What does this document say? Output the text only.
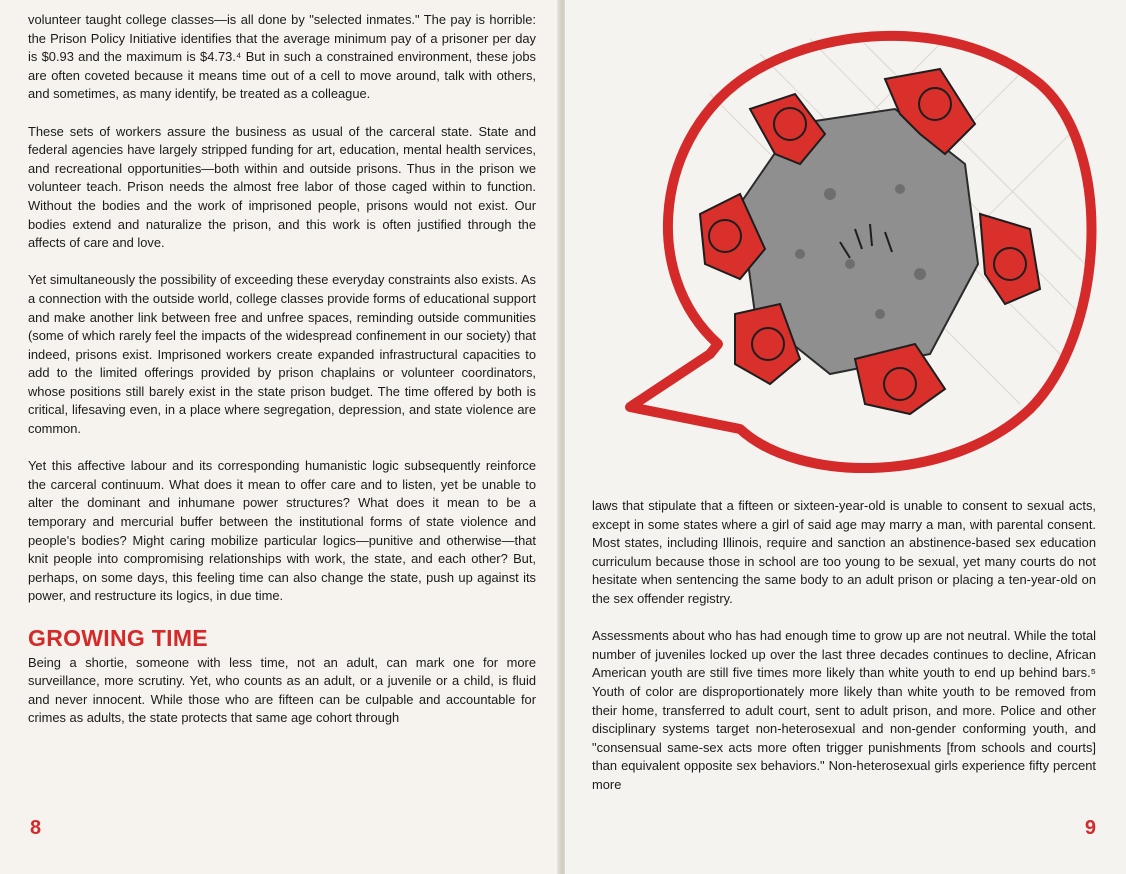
volunteer taught college classes—is all done by "selected inmates." The pay is horrible: the Prison Policy Initiative identifies that the average minimum pay of a prisoner per day is $0.93 and the maximum is $4.73.⁴ But in such a constrained environment, these jobs are often coveted because it means time out of a cell to move around, talk with others, and sometimes, as many identify, be treated as a colleague.

These sets of workers assure the business as usual of the carceral state. State and federal agencies have largely stripped funding for art, education, mental health services, and recreational opportunities—both within and outside prisons. Thus in the prison we volunteer teach. Prison needs the almost free labor of those caged within to function. Without the bodies and the work of imprisoned people, prisons would not exist. Our bodies extend and naturalize the prison, and this work is often justified through the affects of care and love.

Yet simultaneously the possibility of exceeding these everyday constraints also exists. As a connection with the outside world, college classes provide forms of educational support and make another link between free and unfree spaces, reminding outside communities (some of which rarely feel the impacts of the widespread confinement in our society) that indeed, prisons exist. Imprisoned workers create expanded infrastructural capacities to add to the limited offerings provided by prison chaplains or volunteer coordinators, whose positions still barely exist in the state prison budget. The time offered by both is critical, lifesaving even, in a place where segregation, depression, and state violence are common.

Yet this affective labour and its corresponding humanistic logic subsequently reinforce the carceral continuum. What does it mean to offer care and to listen, yet be unable to alter the dominant and inhumane power structures? What does it mean to be a temporary and mercurial buffer between the institutional forms of state violence and people's bodies? Might caring mobilize particular logics—punitive and otherwise—that knit people into compromising relationships with work, the state, and each other? But, perhaps, on some days, this feeling time can also change the state, push up against its power, and restructure its logics, in due time.

GROWING TIME

Being a shortie, someone with less time, not an adult, can mark one for more surveillance, more scrutiny. Yet, who counts as an adult, or a juvenile or a child, is fluid and never innocent. While those who are fifteen can be culpable and accountable for crimes as adults, the state protects that same age cohort through

8

laws that stipulate that a fifteen or sixteen-year-old is unable to consent to sexual acts, except in some states where a girl of said age may marry a man, with parental consent. Most states, including Illinois, require and sanction an abstinence-based sex education curriculum because those in school are too young to be sexual, yet many courts do not hesitate when sentencing the same body to an adult prison or placing a ten-year-old on the sex offender registry.

Assessments about who has had enough time to grow up are not neutral. While the total number of juveniles locked up over the last three decades continues to decline, African American youth are still five times more likely than white youth to end up behind bars.⁵ Youth of color are disproportionately more likely than white youth to be removed from their home, transferred to adult court, sent to adult prison, and more. Police and other disciplinary systems target non-heterosexual and non-gender conforming youth, and "consensual same-sex acts more often trigger punishments [from schools and courts] than equivalent opposite sex behaviors." Non-heterosexual girls experience fifty percent more

9
